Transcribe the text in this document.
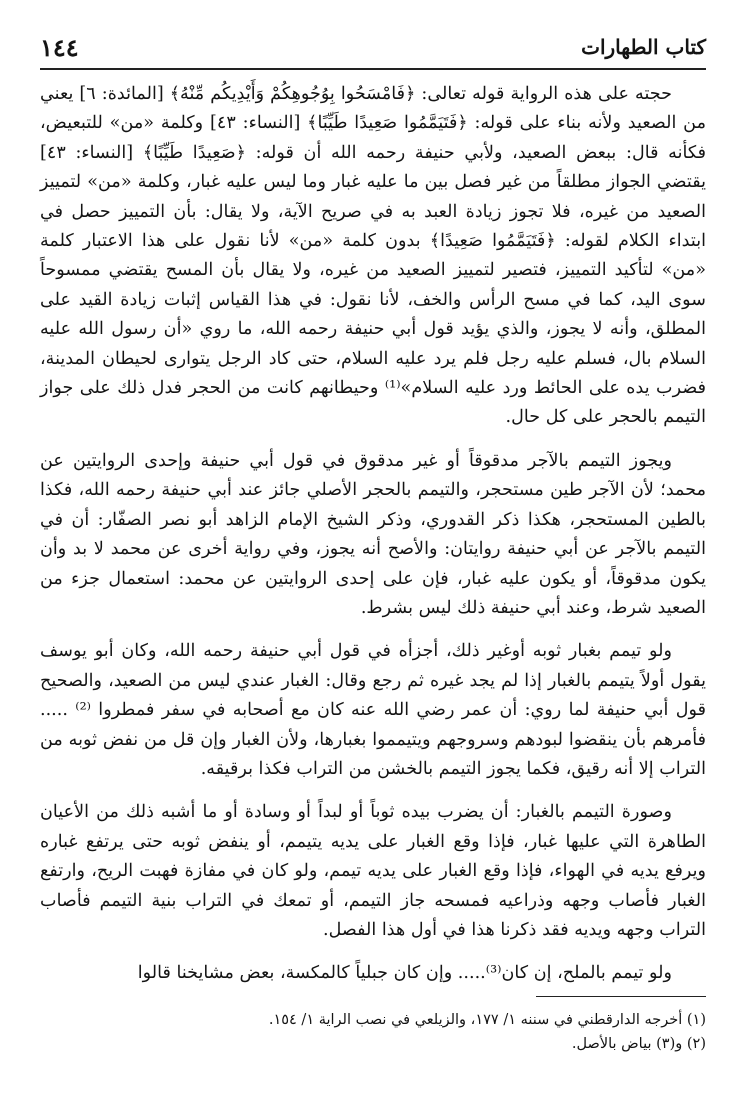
كتاب الطهارات
١٤٤

حجته على هذه الرواية قوله تعالى: ﴿فَامْسَحُوا بِوُجُوهِكُمْ وَأَيْدِيكُم مِّنْهُ﴾ [المائدة: ٦] يعني من الصعيد ولأنه بناء على قوله: ﴿فَتَيَمَّمُوا صَعِيدًا طَيِّبًا﴾ [النساء: ٤٣] وكلمة «من» للتبعيض، فكأنه قال: ببعض الصعيد، ولأبي حنيفة رحمه الله أن قوله: ﴿صَعِيدًا طَيِّبًا﴾ [النساء: ٤٣] يقتضي الجواز مطلقاً من غير فصل بين ما عليه غبار وما ليس عليه غبار، وكلمة «من» لتمييز الصعيد من غيره، فلا تجوز زيادة العبد به في صريح الآية، ولا يقال: بأن التمييز حصل في ابتداء الكلام لقوله: ﴿فَتَيَمَّمُوا صَعِيدًا﴾ بدون كلمة «من» لأنا نقول على هذا الاعتبار كلمة «من» لتأكيد التمييز، فتصير لتمييز الصعيد من غيره، ولا يقال بأن المسح يقتضي ممسوحاً سوى اليد، كما في مسح الرأس والخف، لأنا نقول: في هذا القياس إثبات زيادة القيد على المطلق، وأنه لا يجوز، والذي يؤيد قول أبي حنيفة رحمه الله، ما روي «أن رسول الله عليه السلام بال، فسلم عليه رجل فلم يرد عليه السلام، حتى كاد الرجل يتوارى لحيطان المدينة، فضرب يده على الحائط ورد عليه السلام»⁽¹⁾ وحيطانهم كانت من الحجر فدل ذلك على جواز التيمم بالحجر على كل حال.

ويجوز التيمم بالآجر مدقوقاً أو غير مدقوق في قول أبي حنيفة وإحدى الروايتين عن محمد؛ لأن الآجر طين مستحجر، والتيمم بالحجر الأصلي جائز عند أبي حنيفة رحمه الله، فكذا بالطين المستحجر، هكذا ذكر القدوري، وذكر الشيخ الإمام الزاهد أبو نصر الصفّار: أن في التيمم بالآجر عن أبي حنيفة روايتان: والأصح أنه يجوز، وفي رواية أخرى عن محمد لا بد وأن يكون مدقوقاً، أو يكون عليه غبار، فإن على إحدى الروايتين عن محمد: استعمال جزء من الصعيد شرط، وعند أبي حنيفة ذلك ليس بشرط.

ولو تيمم بغبار ثوبه أوغير ذلك، أجزأه في قول أبي حنيفة رحمه الله، وكان أبو يوسف يقول أولاً يتيمم بالغبار إذا لم يجد غيره ثم رجع وقال: الغبار عندي ليس من الصعيد، والصحيح قول أبي حنيفة لما روي: أن عمر رضي الله عنه كان مع أصحابه في سفر فمطروا ⁽²⁾ ..... فأمرهم بأن ينقضوا لبودهم وسروجهم ويتيمموا بغبارها، ولأن الغبار وإن قل من نفض ثوبه من التراب إلا أنه رقيق، فكما يجوز التيمم بالخشن من التراب فكذا برقيقه.

وصورة التيمم بالغبار: أن يضرب بيده ثوباً أو لبداً أو وسادة أو ما أشبه ذلك من الأعيان الطاهرة التي عليها غبار، فإذا وقع الغبار على يديه يتيمم، أو ينفض ثوبه حتى يرتفع غباره ويرفع يديه في الهواء، فإذا وقع الغبار على يديه تيمم، ولو كان في مفازة فهبت الريح، وارتفع الغبار فأصاب وجهه وذراعيه فمسحه جاز التيمم، أو تمعك في التراب بنية التيمم فأصاب التراب وجهه ويديه فقد ذكرنا هذا في أول هذا الفصل.

ولو تيمم بالملح، إن كان⁽³⁾..... وإن كان جبلياً كالمكسة، بعض مشايخنا قالوا

(١) أخرجه الدارقطني في سننه ١/ ١٧٧، والزيلعي في نصب الراية ١/ ١٥٤.

(٢) و(٣) بياض بالأصل.
